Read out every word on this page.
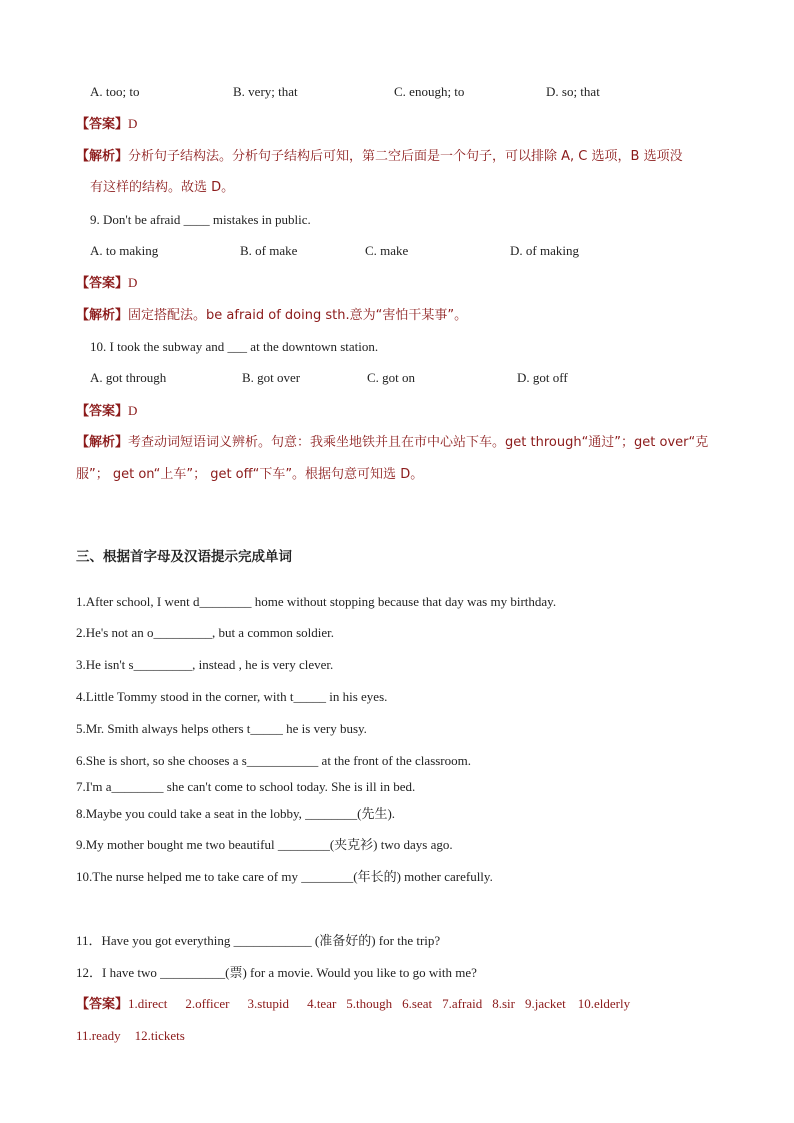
A. too; to	B. very; that	C. enough; to	D. so; that
【答案】D
【解析】分析句子结构法。分析句子结构后可知，第二空后面是一个句子，可以排除 A, C 选项，B 选项没
有这样的结构。故选 D。
9. Don't be afraid ____ mistakes in public.
A. to making	B. of make	C. make	D. of making
【答案】D
【解析】固定搭配法。be afraid of doing sth.意为“害怕干某事”。
10. I took the subway and ___ at the downtown station.
A. got through	B. got over	C. got on	D. got off
【答案】D
【解析】考查动词短语词义辨析。句意：我乘坐地铁并且在市中心站下车。get through“通过”；get over“克
服”； get on“上车”； get off“下车”。根据句意可知选 D。
三、根据首字母及汉语提示完成单词
1.After school, I went d________ home without stopping because that day was my birthday.
2.He's not an o_________, but a common soldier.
3.He isn't s_________, instead , he is very clever.
4.Little Tommy stood in the corner, with t_____ in his eyes.
5.Mr. Smith always helps others t_____ he is very busy.
6.She is short, so she chooses a s___________ at the front of the classroom.
7.I'm a________ she can't come to school today. She is ill in bed.
8.Maybe you could take a seat in the lobby, ________(先生).
9.My mother bought me two beautiful ________(夹克衫) two days ago.
10.The nurse helped me to take care of my ________(年长的) mother carefully.
11．Have you got everything ____________ (准备好的) for the trip?
12．I have two __________(票) for a movie. Would you like to go with me?
【答案】1.direct 2.officer 3.stupid 4.tear 5.though 6.seat 7.afraid 8.sir 9.jacket 10.elderly
11.ready 12.tickets
